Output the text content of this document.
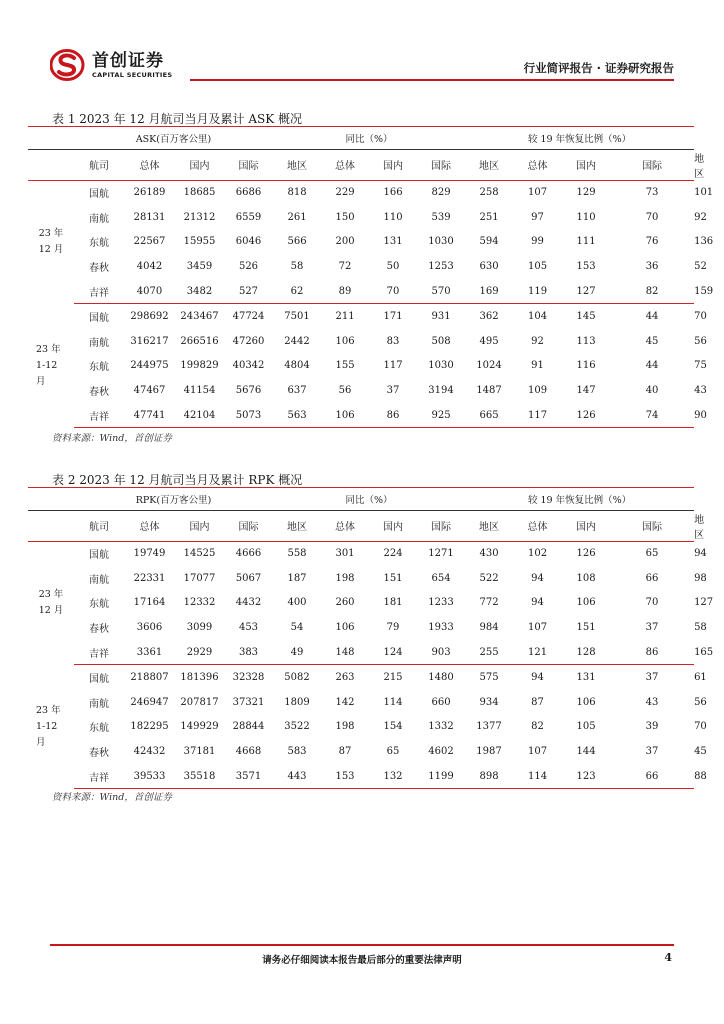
首创证券
CAPITAL SECURITIES	行业简评报告 · 证券研究报告
表 1 2023 年 12 月航司当月及累计 ASK 概况
	ASK(百万客公里)				同比（%）				较 19 年恢复比例（%）				
	航司	总体	国内	国际	地区	总体	国内	国际	地区	总体	国内	国际	地区

23 年
12 月	国航	26189	18685	6686	818	229	166	829	258	107	129	73	101
	南航	28131	21312	6559	261	150	110	539	251	97	110	70	92
	东航	22567	15955	6046	566	200	131	1030	594	99	111	76	136
	春秋	4042	3459	526	58	72	50	1253	630	105	153	36	52
	吉祥	4070	3482	527	62	89	70	570	169	119	127	82	159

23 年
1-12
月	国航	298692	243467	47724	7501	211	171	931	362	104	145	44	70
	南航	316217	266516	47260	2442	106	83	508	495	92	113	45	56
	东航	244975	199829	40342	4804	155	117	1030	1024	91	116	44	75
	春秋	47467	41154	5676	637	56	37	3194	1487	109	147	40	43
	吉祥	47741	42104	5073	563	106	86	925	665	117	126	74	90
资料来源：Wind，首创证券
表 2 2023 年 12 月航司当月及累计 RPK 概况
	RPK(百万客公里)				同比（%）				较 19 年恢复比例（%）				
	航司	总体	国内	国际	地区	总体	国内	国际	地区	总体	国内	国际	地区

23 年
12 月	国航	19749	14525	4666	558	301	224	1271	430	102	126	65	94
	南航	22331	17077	5067	187	198	151	654	522	94	108	66	98
	东航	17164	12332	4432	400	260	181	1233	772	94	106	70	127
	春秋	3606	3099	453	54	106	79	1933	984	107	151	37	58
	吉祥	3361	2929	383	49	148	124	903	255	121	128	86	165

23 年
1-12
月	国航	218807	181396	32328	5082	263	215	1480	575	94	131	37	61
	南航	246947	207817	37321	1809	142	114	660	934	87	106	43	56
	东航	182295	149929	28844	3522	198	154	1332	1377	82	105	39	70
	春秋	42432	37181	4668	583	87	65	4602	1987	107	144	37	45
	吉祥	39533	35518	3571	443	153	132	1199	898	114	123	66	88
资料来源：Wind，首创证券
请务必仔细阅读本报告最后部分的重要法律声明	4
